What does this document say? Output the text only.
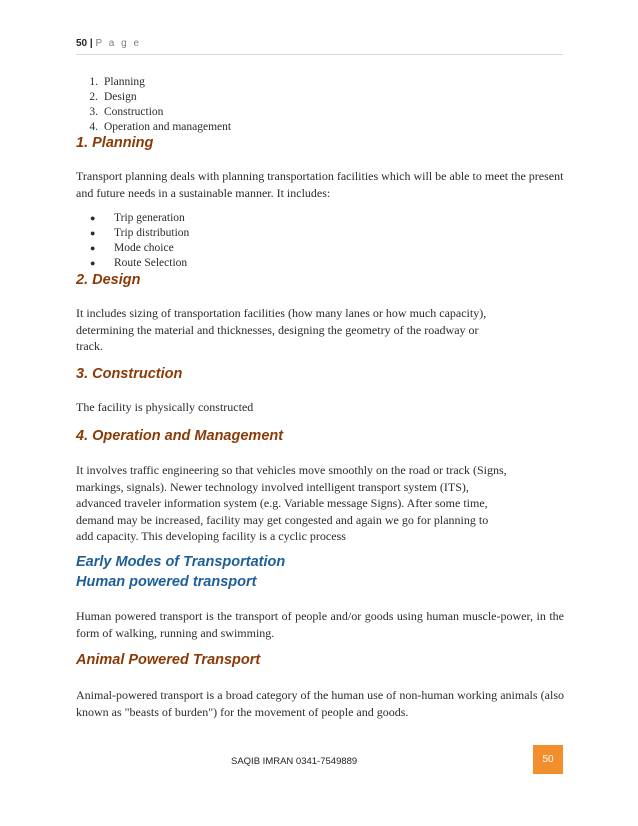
50 | P a g e
1. Planning
2. Design
3. Construction
4. Operation and management
1. Planning

Transport planning deals with planning transportation facilities which will be able to meet the present and future needs in a sustainable manner. It includes:

● Trip generation
● Trip distribution
● Mode choice
● Route Selection
2. Design
It includes sizing of transportation facilities (how many lanes or how much capacity),
determining the material and thicknesses, designing the geometry of the roadway or
track.
3. Construction

The facility is physically constructed

4. Operation and Management
It involves traffic engineering so that vehicles move smoothly on the road or track (Signs,
markings, signals). Newer technology involved intelligent transport system (ITS),
advanced traveler information system (e.g. Variable message Signs). After some time,
demand may be increased, facility may get congested and again we go for planning to
add capacity. This developing facility is a cyclic process
Early Modes of Transportation
Human powered transport

Human powered transport is the transport of people and/or goods using human muscle-power, in the form of walking, running and swimming.

Animal Powered Transport

Animal-powered transport is a broad category of the human use of non-human working animals (also known as "beasts of burden") for the movement of people and goods.

SAQIB IMRAN 0341-7549889	50
